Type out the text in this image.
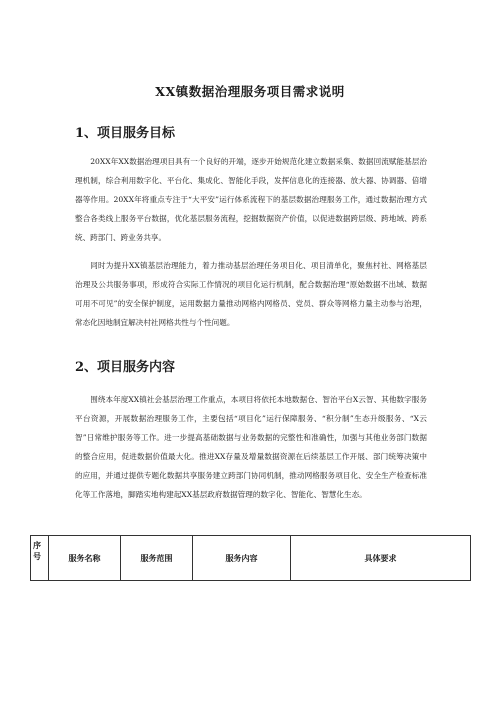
XX镇数据治理服务项目需求说明
1、项目服务目标

20XX年XX数据治理项目具有一个良好的开端，逐步开始规范化建立数据采集、数据回流赋能基层治理机制，综合利用数字化、平台化、集成化、智能化手段，发挥信息化的连接器、放大器、协调器、倍增器等作用。20XX年将重点专注于“大平安”运行体系流程下的基层数据治理服务工作，通过数据治理方式整合各类线上服务平台数据，优化基层服务流程，挖掘数据资产价值，以促进数据跨层级、跨地域、跨系统、跨部门、跨业务共享。

同时为提升XX镇基层治理能力，着力推动基层治理任务项目化、项目清单化，聚焦村社、网格基层治理及公共服务事项，形成符合实际工作情况的项目化运行机制，配合数据治理“原始数据不出域、数据可用不可见”的安全保护制度，运用数据力量推动网格内网格员、党员、群众等网格力量主动参与治理，常态化因地制宜解决村社网格共性与个性问题。

2、项目服务内容

围绕本年度XX镇社会基层治理工作重点，本项目将依托本地数据仓、智治平台X云智、其他数字服务平台资源，开展数据治理服务工作，主要包括“项目化”运行保障服务、“积分制”生态升级服务、“X云智”日常维护服务等工作。进一步提高基础数据与业务数据的完整性和准确性，加强与其他业务部门数据的整合应用，促进数据价值最大化。推进XX存量及增量数据资源在后续基层工作开展、部门统筹决策中的应用，并通过提供专题化数据共享服务建立跨部门协同机制，推动网格服务项目化、安全生产检查标准化等工作落地，脚踏实地构建起XX基层政府数据管理的数字化、智能化、智慧化生态。

序号	服务名称	服务范围	服务内容	具体要求
